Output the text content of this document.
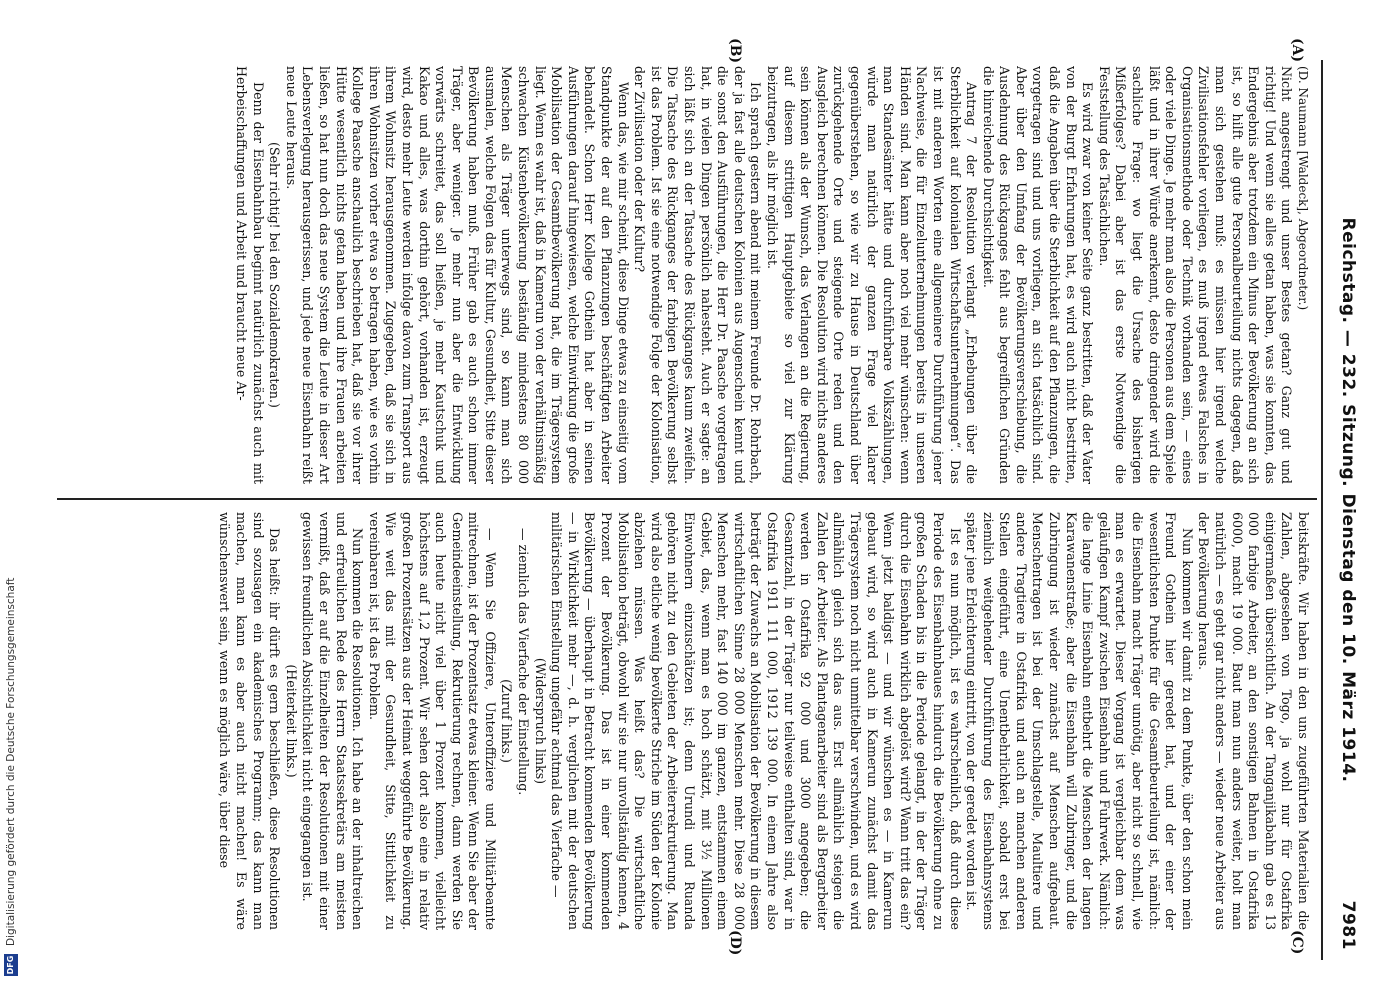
DFG
Digitalisierung gefördert durch die Deutsche Forschungsgemeinschaft	Reichstag. — 232. Sitzung. Dienstag den 10. März 1914.
7981
(A)
(B)
(C)
(D)

(D. Naumann [Waldeck], Abgeordneter.)

Nicht angestrengt und unser Bestes getan? Ganz gut und richtig! Und wenn sie alles getan haben, was sie konnten, das Endergebnis aber trotzdem ein Minus der Bevölkerung an sich ist, so hilft alle gute Personalbeurteilung nichts dagegen, daß man sich gestehen muß: es müssen hier irgend welche Zivilisationsfehler vorliegen, es muß irgend etwas Falsches in Organisationsmethode oder Technik vorhanden sein, — eines oder viele Dinge. Je mehr man also die Personen aus dem Spiele läßt und in ihrer Würde anerkennt, desto dringender wird die sachliche Frage: wo liegt die Ursache des bisherigen Mißerfolges? Dabei aber ist das erste Notwendige die Feststellung des Tatsächlichen.

Es wird zwar von keiner Seite ganz bestritten, daß der Vater von der Burgt Erfahrungen hat, es wird auch nicht bestritten, daß die Angaben über die Sterblichkeit auf den Pflanzungen, die vorgetragen sind und uns vorliegen, an sich tatsächlich sind. Aber über den Umfang der Bevölkerungsverschiebung, die Ausdehnung des Rückganges fehlt aus begreiflichen Gründen die hinreichende Durchsichtigkeit.

Antrag 7 der Resolution verlangt „Erhebungen über die Sterblichkeit auf kolonialen Wirtschaftsunternehmungen“. Das ist mit anderen Worten eine allgemeinere Durchführung jener Nachweise, die für Einzelunternehmungen bereits in unseren Händen sind. Man kann aber noch viel mehr wünschen: wenn man Standesämter hätte und durchführbare Volkszählungen, würde man natürlich der ganzen Frage viel klarer gegenüberstehen, so wie wir zu Hause in Deutschland über zurückgehende Orte und steigende Orte reden und den Ausgleich berechnen können. Die Resolution wird nichts anderes sein können als der Wunsch, das Verlangen an die Regierung, auf diesem strittigen Hauptgebiete so viel zur Klärung beizutragen, als ihr möglich ist.

Ich sprach gestern abend mit meinem Freunde Dr. Rohrbach, der ja fast alle deutschen Kolonien aus Augenschein kennt und die sonst den Ausführungen, die Herr Dr. Paasche vorgetragen hat, in vielen Dingen persönlich nahesteht. Auch er sagte: an sich läßt sich an der Tatsache des Rückganges kaum zweifeln. Die Tatsache des Rückganges der farbigen Bevölkerung selbst ist das Problem. Ist sie eine notwendige Folge der Kolonisation, der Zivilisation oder der Kultur?

Wenn das, wie mir scheint, diese Dinge etwas zu einseitig vom Standpunkte der auf den Pflanzungen beschäftigten Arbeiter behandelt. Schon Herr Kollege Gothein hat aber in seinen Ausführungen darauf hingewiesen, welche Einwirkung die große Mobilisation der Gesamtbevölkerung hat, die im Trägersystem liegt. Wenn es wahr ist, daß in Kamerun von der verhältnismäßig schwachen Küstenbevölkerung beständig mindestens 80 000 Menschen als Träger unterwegs sind, so kann man sich ausmalen, welche Folgen das für Kultur, Gesundheit, Sitte dieser Bevölkerung haben muß. Früher gab es auch schon immer Träger, aber weniger. Je mehr nun aber die Entwicklung vorwärts schreitet, das soll heißen, je mehr Kautschuk und Kakao und alles, was dorthin gehört, vorhanden ist, erzeugt wird, desto mehr Leute werden infolge davon zum Transport aus ihrem Wohnsitz herausgenommen. Zugegeben, daß sie sich in ihren Wohnsitzen vorher etwa so betragen haben, wie es vorhin Kollege Paasche anschaulich beschrieben hat, daß sie vor ihrer Hütte wesentlich nichts getan haben und ihre Frauen arbeiten ließen, so hat nun doch das neue System die Leute in dieser Art Lebensverlegung herausgerissen, und jede neue Eisenbahn reißt neue Leute heraus.

(Sehr richtig! bei den Sozialdemokraten.)

Denn der Eisenbahnbau beginnt natürlich zunächst auch mit Herbeischaffungen und Arbeit und braucht neue Ar-

beitskräfte. Wir haben in den uns zugeführten Materialien die Zahlen, abgesehen von Togo, ja wohl nur für Ostafrika einigermaßen übersichtlich. An der Tanganjikabahn gab es 13 000 farbige Arbeiter, an den sonstigen Bahnen in Ostafrika 6000, macht 19 000. Baut man nun anders weiter, holt man natürlich — es geht gar nicht anders — wieder neue Arbeiter aus der Bevölkerung heraus.

Nun kommen wir damit zu dem Punkte, über den schon mein Freund Gothein hier geredet hat, und der einer der wesentlichsten Punkte für die Gesamtbeurteilung ist, nämlich: die Eisenbahn macht Träger unnötig, aber nicht so schnell, wie man es erwartet. Dieser Vorgang ist vergleichbar dem was geläufigen Kampf zwischen Eisenbahn und Fuhrwerk. Nämlich: die lange Linie Eisenbahn entbehrt die Menschen der langen Karawanenstraße; aber die Eisenbahn will Zubringer, und die Zubringung ist wieder zunächst auf Menschen aufgebaut. Menschentragen ist bei der Umschlagstelle, Maultiere und andere Tragtiere in Ostafrika und auch an manchen anderen Stellen eingeführt, eine Unentbehrlichkeit, sobald erst bei ziemlich weitgehender Durchführung des Eisenbahnsystems später jene Erleichterung eintritt, von der geredet worden ist.

Ist es nun möglich, ist es wahrscheinlich, daß durch diese Periode des Eisenbahnbaues hindurch die Bevölkerung ohne zu großen Schaden bis in die Periode gelangt, in der der Träger durch die Eisenbahn wirklich abgelöst wird? Wann tritt das ein? Wenn jetzt baldigst — und wir wünschen es — in Kamerun gebaut wird, so wird auch in Kamerun zunächst damit das Trägersystem noch nicht unmittelbar verschwinden, und es wird allmählich gleich sich das aus. Erst allmählich steigen die Zahlen der Arbeiter. Als Plantagenarbeiter sind als Bergarbeiter werden in Ostafrika 92 000 und 3000 angegeben; die Gesamtzahl, in der Träger nur teilweise enthalten sind, war in Ostafrika 1911 111 000, 1912 139 000. In einem Jahre also beträgt der Zuwachs an Mobilisation der Bevölkerung in diesem wirtschaftlichen Sinne 28 000 Menschen mehr. Diese 28 000 Menschen mehr, fast 140 000 im ganzen, entstammen einem Gebiet, das, wenn man es hoch schätzt, mit 3½ Millionen Einwohnern einzuschätzen ist; denn Urundi und Ruanda gehören nicht zu den Gebieten der Arbeiterrekrutierung. Man wird also etliche wenig bevölkerte Striche im Süden der Kolonie abziehen müssen. Was heißt das? Die wirtschaftliche Mobilisation beträgt, obwohl wir sie nur unvollständig kennen, 4 Prozent der Bevölkerung. Das ist in einer kommenden Bevölkerung — überhaupt in Betracht kommenden Bevölkerung — in Wirklichkeit mehr —, d. h. verglichen mit der deutschen militärischen Einstellung ungefähr achtmal das Vierfache —

(Widerspruch links)

— ziemlich das Vierfache der Einstellung.

(Zuruf links.)

— Wenn Sie Offiziere, Unteroffiziere und Militärbeamte mitrechnen, ist der Prozentsatz etwas kleiner. Wenn Sie aber der Gemeindeeinstellung, Rekrutierung rechnen, dann werden Sie auch heute nicht viel über 1 Prozent kommen, vielleicht höchstens auf 1,2 Prozent. Wir sehen dort also eine in relativ großen Prozentsätzen aus der Heimat weggeführte Bevölkerung. Wie weit das mit der Gesundheit, Sitte, Sittlichkeit zu vereinbaren ist, ist das Problem.

Nun kommen die Resolutionen. Ich habe an der inhaltreichen und erfreulichen Rede des Herrn Staatssekretärs am meisten vermißt, daß er auf die Einzelheiten der Resolutionen mit einer gewissen freundlichen Absichtlichkeit nicht eingegangen ist.

(Heiterkeit links.)

Das heißt: ihr dürft es gern beschließen, diese Resolutionen sind sozusagen ein akademisches Programm; das kann man machen, man kann es aber auch nicht machen! Es wäre wünschenswert sein, wenn es möglich wäre, über diese
